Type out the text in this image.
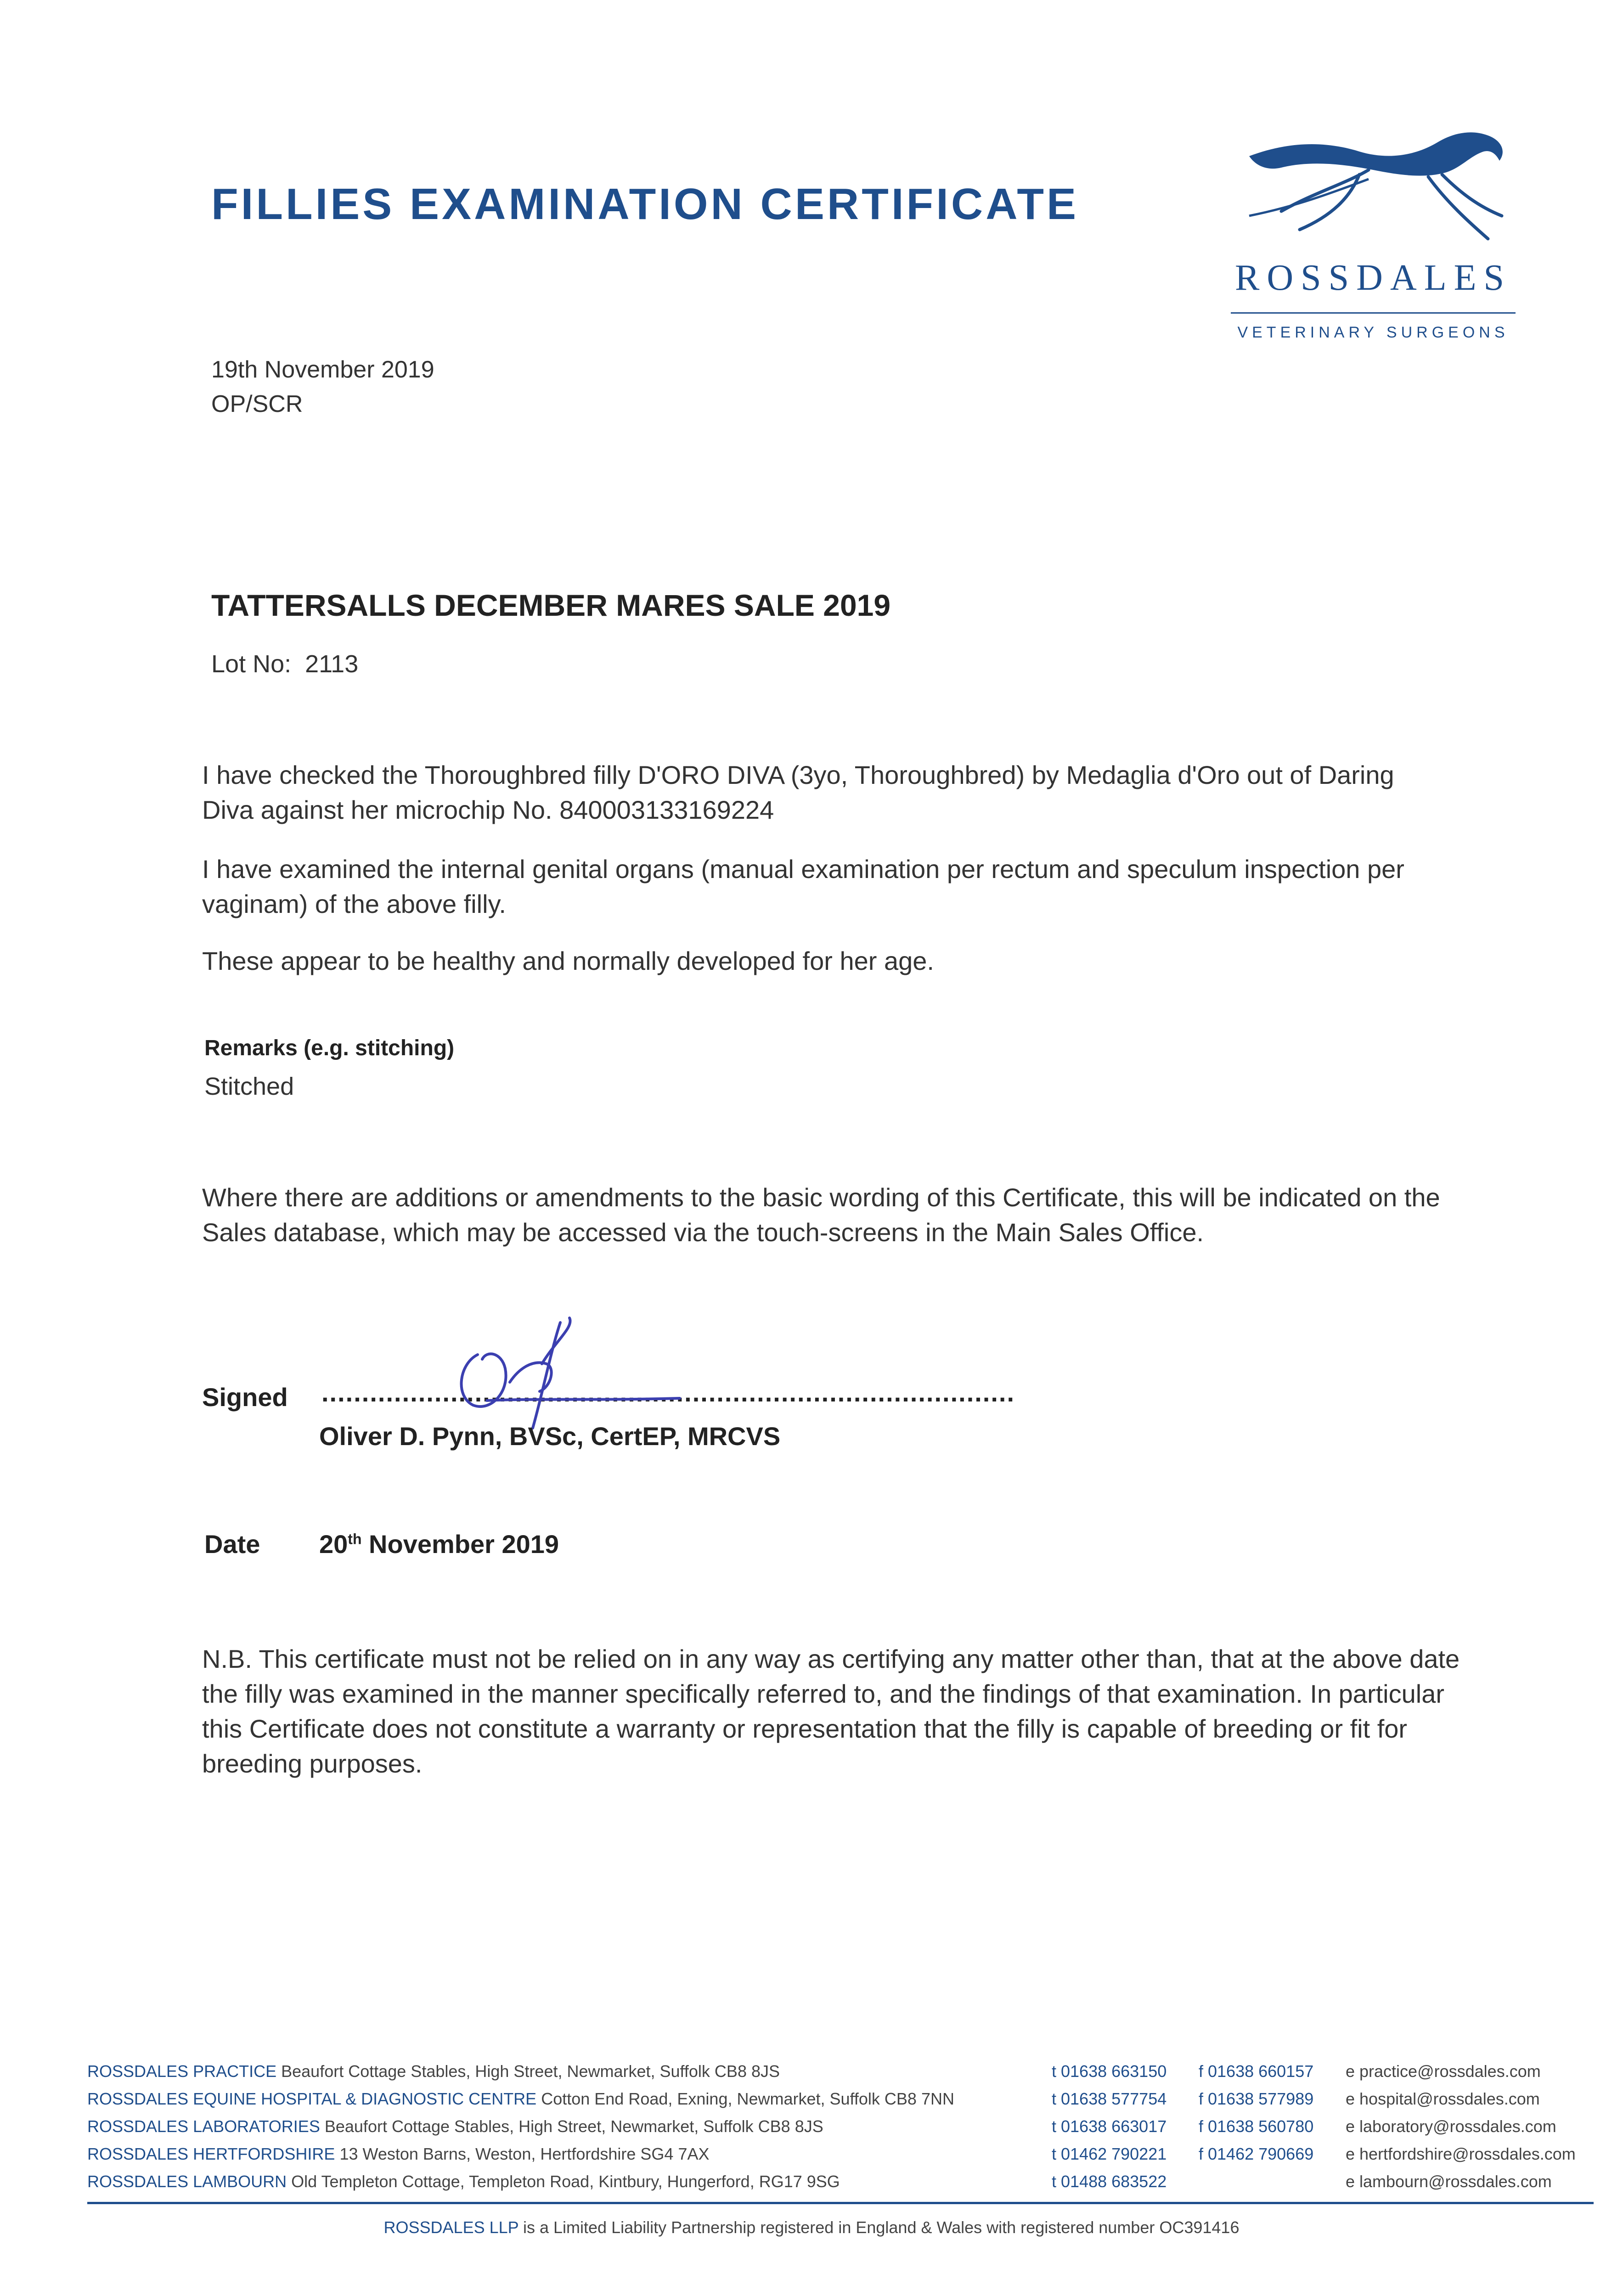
FILLIES EXAMINATION CERTIFICATE
ROSSDALES
VETERINARY SURGEONS
19th November 2019
OP/SCR
TATTERSALLS DECEMBER MARES SALE 2019
Lot No: 2113

I have checked the Thoroughbred filly D'ORO DIVA (3yo, Thoroughbred) by Medaglia d'Oro out of Daring Diva against her microchip No. 840003133169224

I have examined the internal genital organs (manual examination per rectum and speculum inspection per vaginam) of the above filly.

These appear to be healthy and normally developed for her age.

Remarks (e.g. stitching)
Stitched

Where there are additions or amendments to the basic wording of this Certificate, this will be indicated on the Sales database, which may be accessed via the touch-screens in the Main Sales Office.

Signed ......................................................................................
Oliver D. Pynn, BVSc, CertEP, MRCVS
Date 20th November 2019

N.B. This certificate must not be relied on in any way as certifying any matter other than, that at the above date the filly was examined in the manner specifically referred to, and the findings of that examination. In particular this Certificate does not constitute a warranty or representation that the filly is capable of breeding or fit for breeding purposes.

ROSSDALES PRACTICE Beaufort Cottage Stables, High Street, Newmarket, Suffolk CB8 8JS	t 01638 663150 f 01638 660157 e practice@rossdales.com
ROSSDALES EQUINE HOSPITAL & DIAGNOSTIC CENTRE Cotton End Road, Exning, Newmarket, Suffolk CB8 7NN	t 01638 577754 f 01638 577989 e hospital@rossdales.com
ROSSDALES LABORATORIES Beaufort Cottage Stables, High Street, Newmarket, Suffolk CB8 8JS	t 01638 663017 f 01638 560780 e laboratory@rossdales.com
ROSSDALES HERTFORDSHIRE 13 Weston Barns, Weston, Hertfordshire SG4 7AX	t 01462 790221 f 01462 790669 e hertfordshire@rossdales.com
ROSSDALES LAMBOURN Old Templeton Cottage, Templeton Road, Kintbury, Hungerford, RG17 9SG	t 01488 683522	e lambourn@rossdales.com
ROSSDALES LLP is a Limited Liability Partnership registered in England & Wales with registered number OC391416
